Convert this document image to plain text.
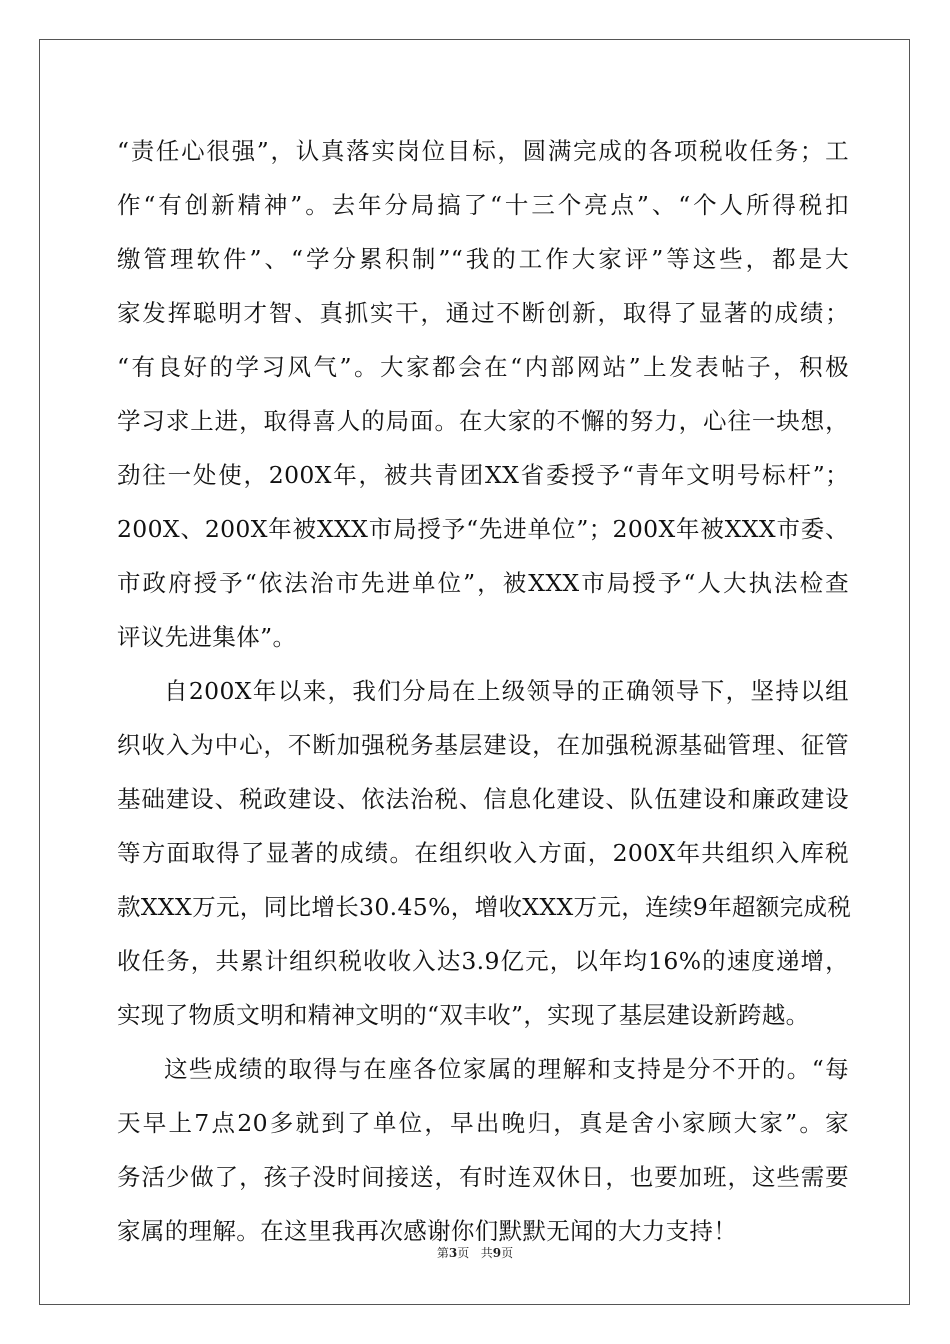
“责任心很强”，认真落实岗位目标，圆满完成的各项税收任务；工
作“有创新精神”。去年分局搞了“十三个亮点”、“个人所得税扣
缴管理软件”、“学分累积制”“我的工作大家评”等这些，都是大
家发挥聪明才智、真抓实干，通过不断创新，取得了显著的成绩；
“有良好的学习风气”。大家都会在“内部网站”上发表帖子，积极
学习求上进，取得喜人的局面。在大家的不懈的努力，心往一块想，
劲往一处使，200X年，被共青团XX省委授予“青年文明号标杆”；
200X、200X年被XXX市局授予“先进单位”；200X年被XXX市委、
市政府授予“依法治市先进单位”，被XXX市局授予“人大执法检查
评议先进集体”。
自200X年以来，我们分局在上级领导的正确领导下，坚持以组
织收入为中心，不断加强税务基层建设，在加强税源基础管理、征管
基础建设、税政建设、依法治税、信息化建设、队伍建设和廉政建设
等方面取得了显著的成绩。在组织收入方面，200X年共组织入库税
款XXX万元，同比增长30.45%，增收XXX万元，连续9年超额完成税
收任务，共累计组织税收收入达3.9亿元，以年均16%的速度递增，
实现了物质文明和精神文明的“双丰收”，实现了基层建设新跨越。
这些成绩的取得与在座各位家属的理解和支持是分不开的。“每
天早上7点20多就到了单位，早出晚归，真是舍小家顾大家”。家
务活少做了，孩子没时间接送，有时连双休日，也要加班，这些需要
家属的理解。在这里我再次感谢你们默默无闻的大力支持！
第3页 共9页
